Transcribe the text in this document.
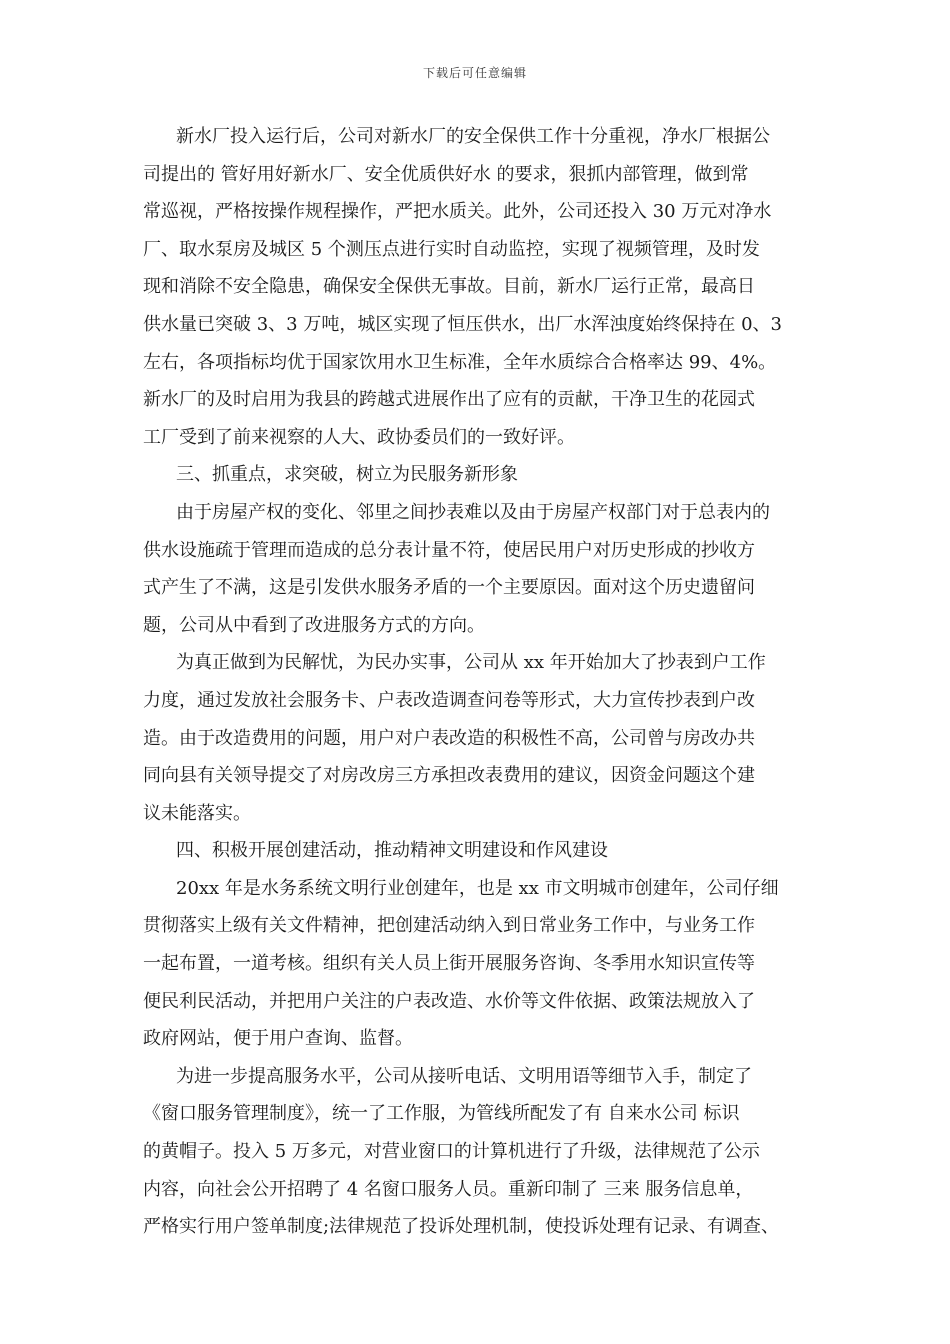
下载后可任意编辑
新水厂投入运行后，公司对新水厂的安全保供工作十分重视，净水厂根据公
司提出的 管好用好新水厂、安全优质供好水 的要求，狠抓内部管理，做到常
常巡视，严格按操作规程操作，严把水质关。此外，公司还投入 30 万元对净水
厂、取水泵房及城区 5 个测压点进行实时自动监控，实现了视频管理，及时发
现和消除不安全隐患，确保安全保供无事故。目前，新水厂运行正常，最高日
供水量已突破 3、3 万吨，城区实现了恒压供水，出厂水浑浊度始终保持在 0、3
左右，各项指标均优于国家饮用水卫生标准，全年水质综合合格率达 99、4%。
新水厂的及时启用为我县的跨越式进展作出了应有的贡献，干净卫生的花园式
工厂受到了前来视察的人大、政协委员们的一致好评。
三、抓重点，求突破，树立为民服务新形象
由于房屋产权的变化、邻里之间抄表难以及由于房屋产权部门对于总表内的
供水设施疏于管理而造成的总分表计量不符，使居民用户对历史形成的抄收方
式产生了不满，这是引发供水服务矛盾的一个主要原因。面对这个历史遗留问
题，公司从中看到了改进服务方式的方向。
为真正做到为民解忧，为民办实事，公司从 xx 年开始加大了抄表到户工作
力度，通过发放社会服务卡、户表改造调查问卷等形式，大力宣传抄表到户改
造。由于改造费用的问题，用户对户表改造的积极性不高，公司曾与房改办共
同向县有关领导提交了对房改房三方承担改表费用的建议，因资金问题这个建
议未能落实。
四、积极开展创建活动，推动精神文明建设和作风建设
20xx 年是水务系统文明行业创建年，也是 xx 市文明城市创建年，公司仔细
贯彻落实上级有关文件精神，把创建活动纳入到日常业务工作中，与业务工作
一起布置，一道考核。组织有关人员上街开展服务咨询、冬季用水知识宣传等
便民利民活动，并把用户关注的户表改造、水价等文件依据、政策法规放入了
政府网站，便于用户查询、监督。
为进一步提高服务水平，公司从接听电话、文明用语等细节入手，制定了
《窗口服务管理制度》，统一了工作服，为管线所配发了有 自来水公司 标识
的黄帽子。投入 5 万多元，对营业窗口的计算机进行了升级，法律规范了公示
内容，向社会公开招聘了 4 名窗口服务人员。重新印制了 三来 服务信息单，
严格实行用户签单制度;法律规范了投诉处理机制，使投诉处理有记录、有调查、
